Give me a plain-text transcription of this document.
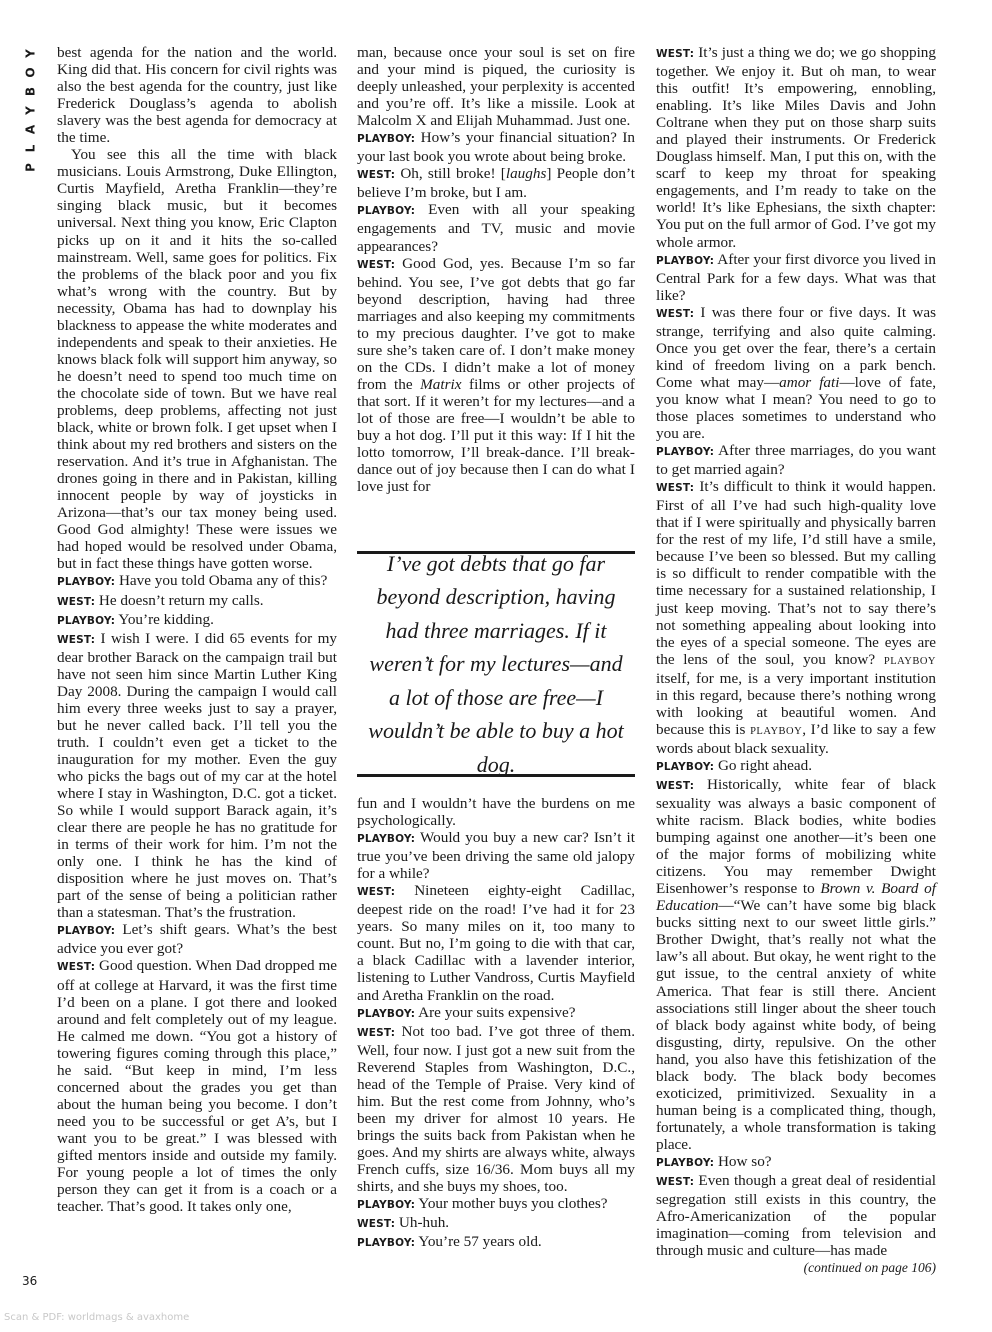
Y
O
B
Y
A
L
P

best agenda for the nation and the world. King did that. His concern for civil rights was also the best agenda for the country, just like Frederick Douglass’s agenda to abolish slavery was the best agenda for democracy at the time.

You see this all the time with black musicians. Louis Armstrong, Duke Ellington, Curtis Mayfield, Aretha Franklin—they’re singing black music, but it becomes universal. Next thing you know, Eric Clapton picks up on it and it hits the so-called mainstream. Well, same goes for politics. Fix the problems of the black poor and you fix what’s wrong with the country. But by necessity, Obama has had to downplay his blackness to appease the white moderates and independents and speak to their anxieties. He knows black folk will support him anyway, so he doesn’t need to spend too much time on the chocolate side of town. But we have real problems, deep problems, affecting not just black, white or brown folk. I get upset when I think about my red brothers and sisters on the reservation. And it’s true in Afghanistan. The drones going in there and in Pakistan, killing innocent people by way of joysticks in Arizona—that’s our tax money being used. Good God almighty! These were issues we had hoped would be resolved under Obama, but in fact these things have gotten worse.

PLAYBOY: Have you told Obama any of this?

WEST: He doesn’t return my calls.

PLAYBOY: You’re kidding.

WEST: I wish I were. I did 65 events for my dear brother Barack on the campaign trail but have not seen him since Martin Luther King Day 2008. During the campaign I would call him every three weeks just to say a prayer, but he never called back. I’ll tell you the truth. I couldn’t even get a ticket to the inauguration for my mother. Even the guy who picks the bags out of my car at the hotel where I stay in Washington, D.C. got a ticket. So while I would support Barack again, it’s clear there are people he has no gratitude for in terms of their work for him. I’m not the only one. I think he has the kind of disposition where he just moves on. That’s part of the sense of being a politician rather than a statesman. That’s the frustration.

PLAYBOY: Let’s shift gears. What’s the best advice you ever got?

WEST: Good question. When Dad dropped me off at college at Harvard, it was the first time I’d been on a plane. I got there and looked around and felt completely out of my league. He calmed me down. “You got a history of towering figures coming through this place,” he said. “But keep in mind, I’m less concerned about the grades you get than about the human being you become. I don’t need you to be successful or get A’s, but I want you to be great.” I was blessed with gifted mentors inside and outside my family. For young people a lot of times the only person they can get it from is a coach or a teacher. That’s good. It takes only one,

man, because once your soul is set on fire and your mind is piqued, the curiosity is deeply unleashed, your perplexity is accented and you’re off. It’s like a missile. Look at Malcolm X and Elijah Muhammad. Just one.

PLAYBOY: How’s your financial situation? In your last book you wrote about being broke.

WEST: Oh, still broke! [laughs] People don’t believe I’m broke, but I am.

PLAYBOY: Even with all your speaking engagements and TV, music and movie appearances?

WEST: Good God, yes. Because I’m so far behind. You see, I’ve got debts that go far beyond description, having had three marriages and also keeping my commitments to my precious daughter. I’ve got to make sure she’s taken care of. I don’t make money on the CDs. I didn’t make a lot of money from the Matrix films or other projects of that sort. If it weren’t for my lectures—and a lot of those are free—I wouldn’t be able to buy a hot dog. I’ll put it this way: If I hit the lotto tomorrow, I’ll break-dance. I’ll break-dance out of joy because then I can do what I love just for

I’ve got debts that go far beyond description, having had three marriages. If it weren’t for my lectures—and a lot of those are free—I wouldn’t be able to buy a hot dog.

fun and I wouldn’t have the burdens on me psychologically.

PLAYBOY: Would you buy a new car? Isn’t it true you’ve been driving the same old jalopy for a while?

WEST: Nineteen eighty-eight Cadillac, deepest ride on the road! I’ve had it for 23 years. So many miles on it, too many to count. But no, I’m going to die with that car, a black Cadillac with a lavender interior, listening to Luther Vandross, Curtis Mayfield and Aretha Franklin on the road.

PLAYBOY: Are your suits expensive?

WEST: Not too bad. I’ve got three of them. Well, four now. I just got a new suit from the Reverend Staples from Washington, D.C., head of the Temple of Praise. Very kind of him. But the rest come from Johnny, who’s been my driver for almost 10 years. He brings the suits back from Pakistan when he goes. And my shirts are always white, always French cuffs, size 16/36. Mom buys all my shirts, and she buys my shoes, too.

PLAYBOY: Your mother buys you clothes?

WEST: Uh-huh.

PLAYBOY: You’re 57 years old.

WEST: It’s just a thing we do; we go shopping together. We enjoy it. But oh man, to wear this outfit! It’s empowering, ennobling, enabling. It’s like Miles Davis and John Coltrane when they put on those sharp suits and played their instruments. Or Frederick Douglass himself. Man, I put this on, with the scarf to keep my throat for speaking engagements, and I’m ready to take on the world! It’s like Ephesians, the sixth chapter: You put on the full armor of God. I’ve got my whole armor.

PLAYBOY: After your first divorce you lived in Central Park for a few days. What was that like?

WEST: I was there four or five days. It was strange, terrifying and also quite calming. Once you get over the fear, there’s a certain kind of freedom living on a park bench. Come what may—amor fati—love of fate, you know what I mean? You need to go to those places sometimes to understand who you are.

PLAYBOY: After three marriages, do you want to get married again?

WEST: It’s difficult to think it would happen. First of all I’ve had such high-quality love that if I were spiritually and physically barren for the rest of my life, I’d still have a smile, because I’ve been so blessed. But my calling is so difficult to render compatible with the time necessary for a sustained relationship, I just keep moving. That’s not to say there’s not something appealing about looking into the eyes of a special someone. The eyes are the lens of the soul, you know? PLAYBOY itself, for me, is a very important institution in this regard, because there’s nothing wrong with looking at beautiful women. And because this is PLAYBOY, I’d like to say a few words about black sexuality.

PLAYBOY: Go right ahead.

WEST: Historically, white fear of black sexuality was always a basic component of white racism. Black bodies, white bodies bumping against one another—it’s been one of the major forms of mobilizing white citizens. You may remember Dwight Eisenhower’s response to Brown v. Board of Education—“We can’t have some big black bucks sitting next to our sweet little girls.” Brother Dwight, that’s really not what the law’s all about. But okay, he went right to the gut issue, to the central anxiety of white America. That fear is still there. Ancient associations still linger about the sheer touch of black body against white body, of being disgusting, dirty, repulsive. On the other hand, you also have this fetishization of the black body. The black body becomes exoticized, primitivized. Sexuality in a human being is a complicated thing, though, fortunately, a whole transformation is taking place.

PLAYBOY: How so?

WEST: Even though a great deal of residential segregation still exists in this country, the Afro-Americanization of the popular imagination—coming from television and through music and culture—has made

(continued on page 106)

36
Scan & PDF: worldmags & avaxhome
